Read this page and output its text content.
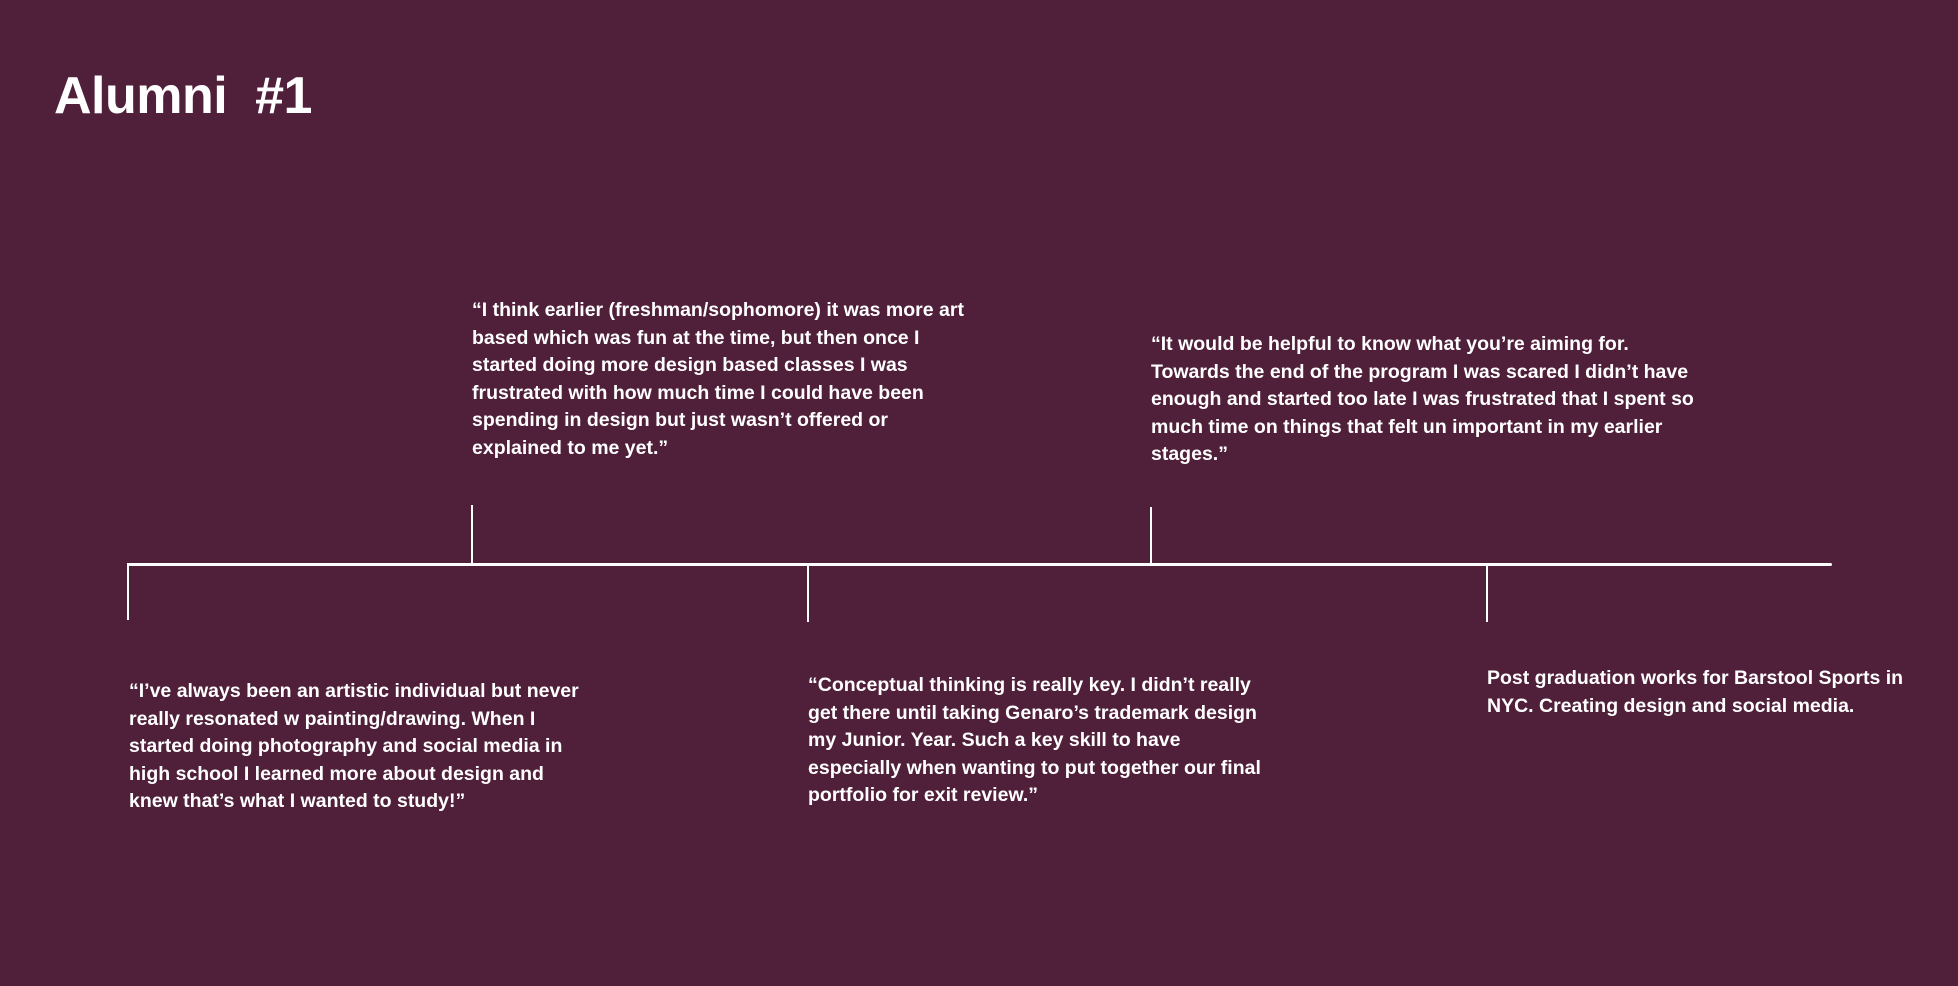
Alumni  #1

“I’ve always been an artistic individual but never really resonated w painting/drawing. When I started doing photography and social media in high school I learned more about design and knew that’s what I wanted to study!”

“I think earlier (freshman/sophomore) it was more art based which was fun at the time, but then once I started doing more design based classes I was frustrated with how much time I could have been spending in design but just wasn’t offered or explained to me yet.”

“Conceptual thinking is really key. I didn’t really get there until taking Genaro’s trademark design my Junior. Year. Such a key skill to have especially when wanting to put together our final portfolio for exit review.”

“It would be helpful to know what you’re aiming for. Towards the end of the program I was scared I didn’t have enough and started too late I was frustrated that I spent so much time on things that felt un important in my earlier stages.”

Post graduation works for Barstool Sports in NYC. Creating design and social media.
